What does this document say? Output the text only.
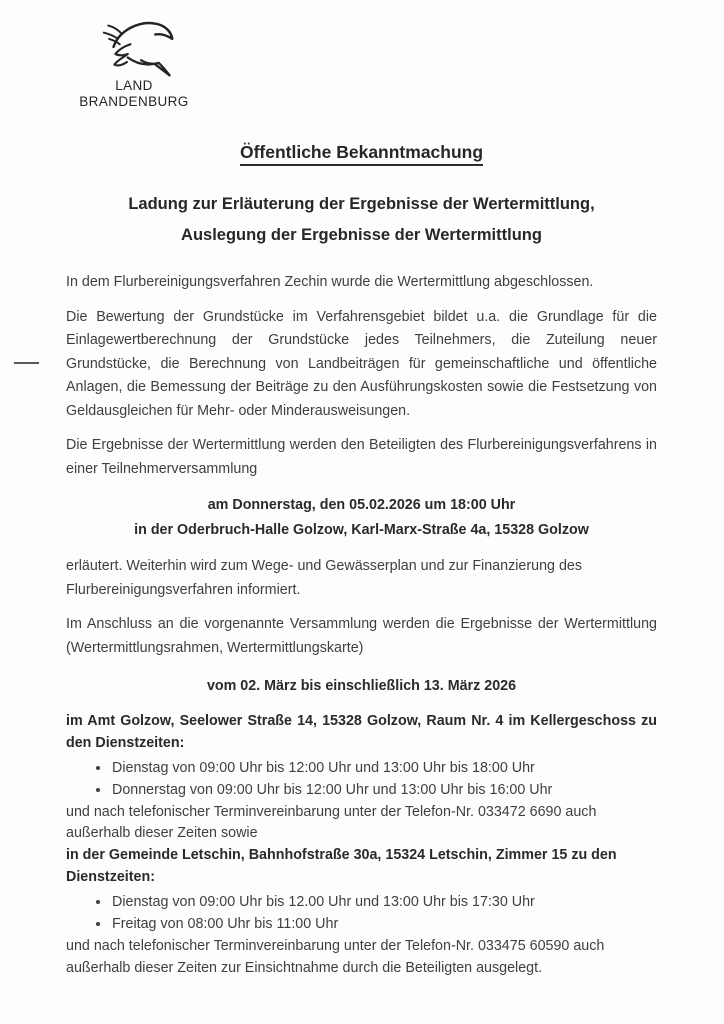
LAND
BRANDENBURG
Öffentliche Bekanntmachung
Ladung zur Erläuterung der Ergebnisse der Wertermittlung,
Auslegung der Ergebnisse der Wertermittlung

In dem Flurbereinigungsverfahren Zechin wurde die Wertermittlung abgeschlossen.

Die Bewertung der Grundstücke im Verfahrensgebiet bildet u.a. die Grundlage für die Einlagewertberechnung der Grundstücke jedes Teilnehmers, die Zuteilung neuer Grundstücke, die Berechnung von Landbeiträgen für gemeinschaftliche und öffentliche Anlagen, die Bemessung der Beiträge zu den Ausführungskosten sowie die Festsetzung von Geldausgleichen für Mehr- oder Minderausweisungen.

Die Ergebnisse der Wertermittlung werden den Beteiligten des Flurbereinigungsverfahrens in einer Teilnehmerversammlung

am Donnerstag, den 05.02.2026 um 18:00 Uhr
in der Oderbruch-Halle Golzow, Karl-Marx-Straße 4a, 15328 Golzow

erläutert. Weiterhin wird zum Wege- und Gewässerplan und zur Finanzierung des Flurbereinigungsverfahren informiert.

Im Anschluss an die vorgenannte Versammlung werden die Ergebnisse der Wertermittlung (Wertermittlungsrahmen, Wertermittlungskarte)

vom 02. März bis einschließlich 13. März 2026

im Amt Golzow, Seelower Straße 14, 15328 Golzow, Raum Nr. 4 im Kellergeschoss zu den Dienstzeiten:

• Dienstag von 09:00 Uhr bis 12:00 Uhr und 13:00 Uhr bis 18:00 Uhr
• Donnerstag von 09:00 Uhr bis 12:00 Uhr und 13:00 Uhr bis 16:00 Uhr

und nach telefonischer Terminvereinbarung unter der Telefon-Nr. 033472 6690 auch außerhalb dieser Zeiten sowie

in der Gemeinde Letschin, Bahnhofstraße 30a, 15324 Letschin, Zimmer 15 zu den Dienstzeiten:

• Dienstag von 09:00 Uhr bis 12.00 Uhr und 13:00 Uhr bis 17:30 Uhr
• Freitag von 08:00 Uhr bis 11:00 Uhr

und nach telefonischer Terminvereinbarung unter der Telefon-Nr. 033475 60590 auch außerhalb dieser Zeiten zur Einsichtnahme durch die Beteiligten ausgelegt.
